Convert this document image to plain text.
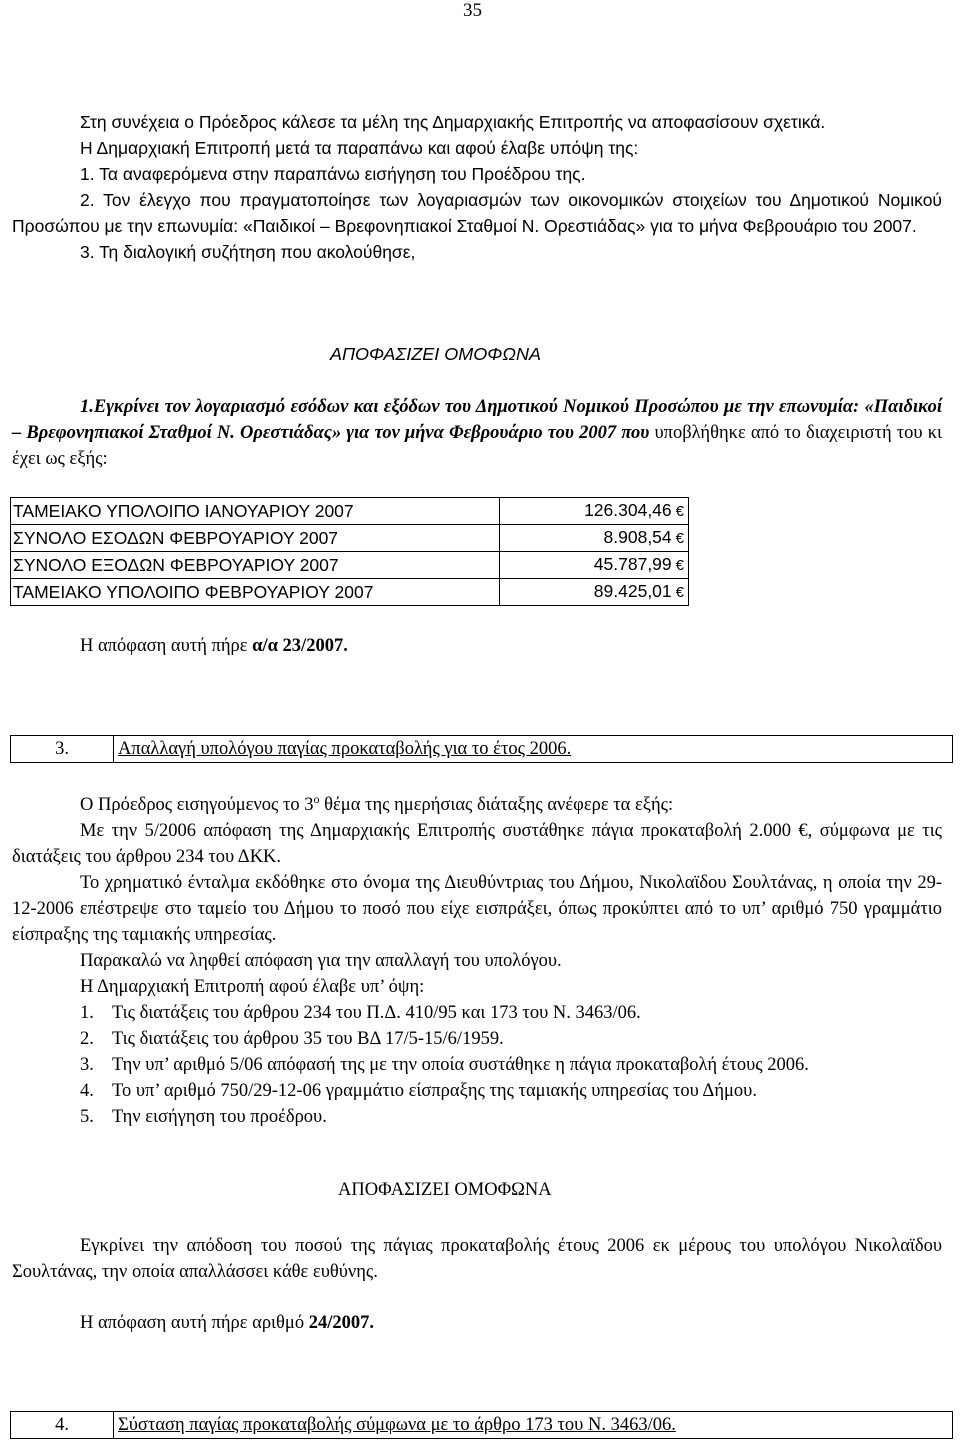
35
Στη συνέχεια ο Πρόεδρος κάλεσε τα μέλη της Δημαρχιακής Επιτροπής να αποφασίσουν σχετικά.
Η Δημαρχιακή Επιτροπή μετά τα παραπάνω και αφού έλαβε υπόψη της:
1. Τα αναφερόμενα στην παραπάνω εισήγηση του Προέδρου της.
2. Τον έλεγχο που πραγματοποίησε των λογαριασμών των οικονομικών στοιχείων του Δημοτικού Νομικού Προσώπου με την επωνυμία: «Παιδικοί – Βρεφονηπιακοί Σταθμοί Ν. Ορεστιάδας» για το μήνα Φεβρουάριο του 2007.
3. Τη διαλογική συζήτηση που ακολούθησε,
ΑΠΟΦΑΣΙΖΕΙ ΟΜΟΦΩΝΑ
1.Εγκρίνει τον λογαριασμό εσόδων και εξόδων του Δημοτικού Νομικού Προσώπου με την επωνυμία: «Παιδικοί – Βρεφονηπιακοί Σταθμοί Ν. Ορεστιάδας» για τον μήνα Φεβρουάριο του 2007 που υποβλήθηκε από το διαχειριστή του κι έχει ως εξής:
ΤΑΜΕΙΑΚΟ ΥΠΟΛΟΙΠΟ ΙΑΝΟΥΑΡΙΟΥ 2007	126.304,46 €
ΣΥΝΟΛΟ ΕΣΟΔΩΝ ΦΕΒΡΟΥΑΡΙΟΥ 2007	8.908,54 €
ΣΥΝΟΛΟ ΕΞΟΔΩΝ ΦΕΒΡΟΥΑΡΙΟΥ 2007	45.787,99 €
ΤΑΜΕΙΑΚΟ ΥΠΟΛΟΙΠΟ ΦΕΒΡΟΥΑΡΙΟΥ 2007	89.425,01 €
Η απόφαση αυτή πήρε α/α 23/2007.
3.	Απαλλαγή υπολόγου παγίας προκαταβολής για το έτος 2006.
Ο Πρόεδρος εισηγούμενος το $3^o$ θέμα της ημερήσιας διάταξης ανέφερε τα εξής:
Με την 5/2006 απόφαση της Δημαρχιακής Επιτροπής συστάθηκε πάγια προκαταβολή 2.000 €, σύμφωνα με τις διατάξεις του άρθρου 234 του ΔΚΚ.
Το χρηματικό ένταλμα εκδόθηκε στο όνομα της Διευθύντριας του Δήμου, Νικολαϊδου Σουλτάνας, η οποία την 29-12-2006 επέστρεψε στο ταμείο του Δήμου το ποσό που είχε εισπράξει, όπως προκύπτει από το υπ’ αριθμό 750 γραμμάτιο είσπραξης της ταμιακής υπηρεσίας.
Παρακαλώ να ληφθεί απόφαση για την απαλλαγή του υπολόγου.
Η Δημαρχιακή Επιτροπή αφού έλαβε υπ’ όψη:
1. Τις διατάξεις του άρθρου 234 του Π.Δ. 410/95 και 173 του Ν. 3463/06.
2. Τις διατάξεις του άρθρου 35 του ΒΔ 17/5-15/6/1959.
3. Την υπ’ αριθμό 5/06 απόφασή της με την οποία συστάθηκε η πάγια προκαταβολή έτους 2006.
4. Το υπ’ αριθμό 750/29-12-06 γραμμάτιο είσπραξης της ταμιακής υπηρεσίας του Δήμου.
5. Την εισήγηση του προέδρου.
ΑΠΟΦΑΣΙΖΕΙ ΟΜΟΦΩΝΑ
Εγκρίνει την απόδοση του ποσού της πάγιας προκαταβολής έτους 2006 εκ μέρους του υπολόγου Νικολαϊδου Σουλτάνας, την οποία απαλλάσσει κάθε ευθύνης.
Η απόφαση αυτή πήρε αριθμό 24/2007.
4.	Σύσταση παγίας προκαταβολής σύμφωνα με το άρθρο 173 του Ν. 3463/06.
